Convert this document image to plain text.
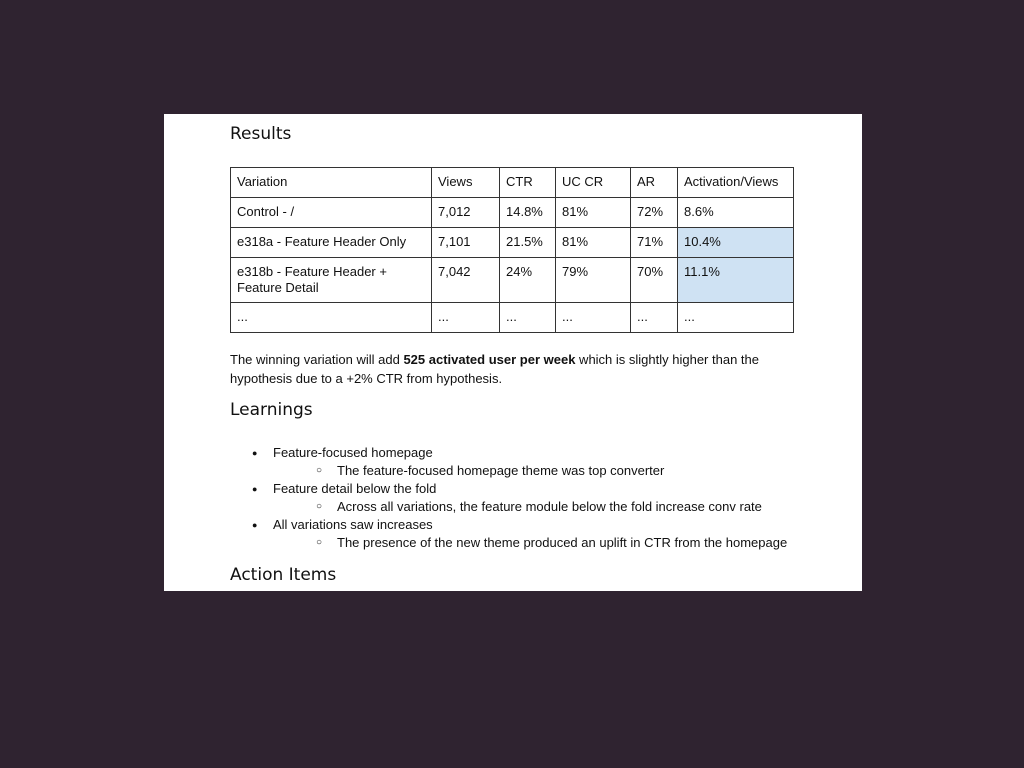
Results
Variation	Views	CTR	UC CR	AR	Activation/Views
Control - /	7,012	14.8%	81%	72%	8.6%
e318a - Feature Header Only	7,101	21.5%	81%	71%	10.4%
e318b - Feature Header + Feature Detail	7,042	24%	79%	70%	11.1%
...	...	...	...	...	...

The winning variation will add 525 activated user per week which is slightly higher than the hypothesis due to a +2% CTR from hypothesis.

Learnings
● Feature-focused homepage
○ The feature-focused homepage theme was top converter
● Feature detail below the fold
○ Across all variations, the feature module below the fold increase conv rate
● All variations saw increases
○ The presence of the new theme produced an uplift in CTR from the homepage
Action Items
